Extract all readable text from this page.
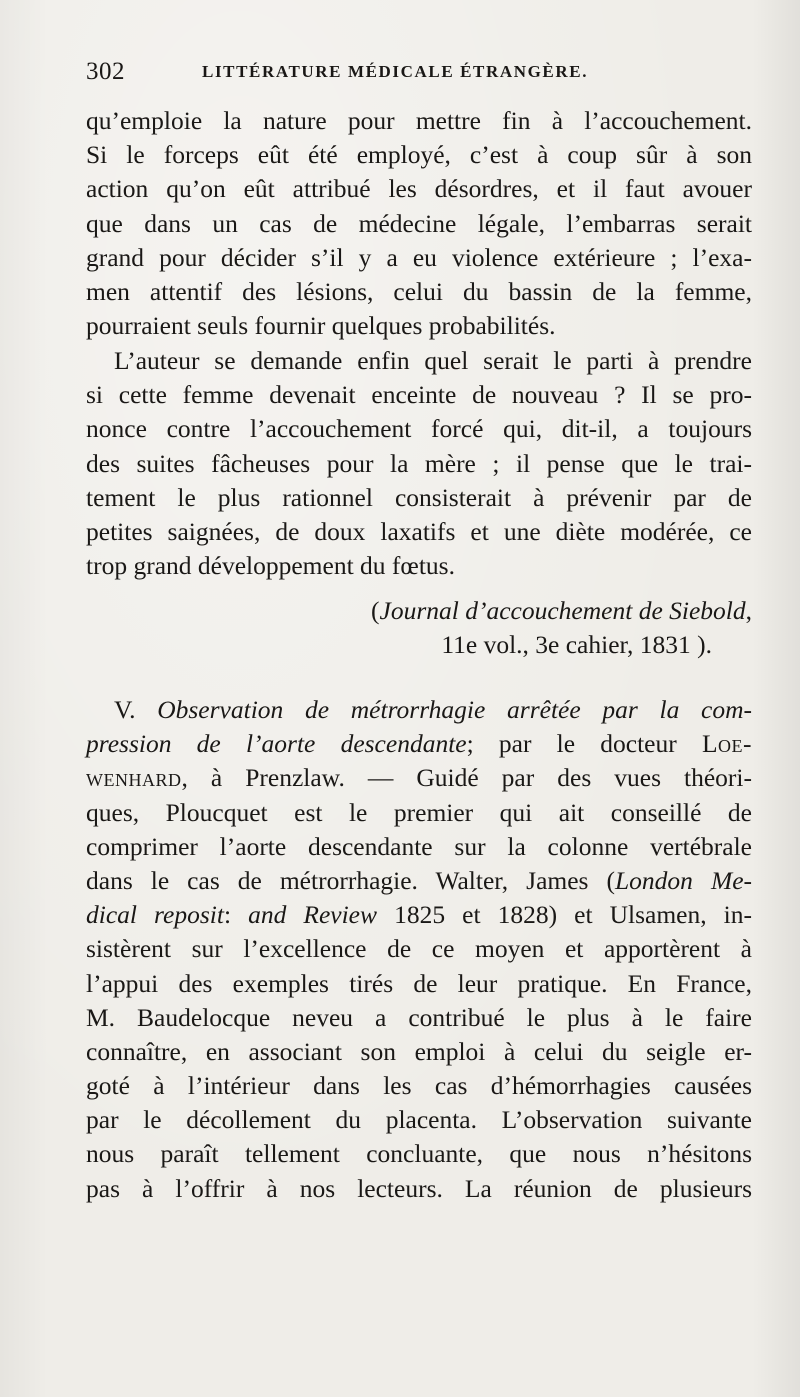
302	LITTÉRATURE MÉDICALE ÉTRANGÈRE.
qu’emploie la nature pour mettre fin à l’accouchement.
Si le forceps eût été employé, c’est à coup sûr à son
action qu’on eût attribué les désordres, et il faut avouer
que dans un cas de médecine légale, l’embarras serait
grand pour décider s’il y a eu violence extérieure ; l’exa-
men attentif des lésions, celui du bassin de la femme,
pourraient seuls fournir quelques probabilités.
L’auteur se demande enfin quel serait le parti à prendre
si cette femme devenait enceinte de nouveau ? Il se pro-
nonce contre l’accouchement forcé qui, dit-il, a toujours
des suites fâcheuses pour la mère ; il pense que le trai-
tement le plus rationnel consisterait à prévenir par de
petites saignées, de doux laxatifs et une diète modérée, ce
trop grand développement du fœtus.
(Journal d’accouchement de Siebold,
11e vol., 3e cahier, 1831 ).
V. Observation de métrorrhagie arrêtée par la com-
pression de l’aorte descendante; par le docteur Loe-
wenhard, à Prenzlaw. — Guidé par des vues théori-
ques, Ploucquet est le premier qui ait conseillé de
comprimer l’aorte descendante sur la colonne vertébrale
dans le cas de métrorrhagie. Walter, James (London Me-
dical reposit: and Review 1825 et 1828) et Ulsamen, in-
sistèrent sur l’excellence de ce moyen et apportèrent à
l’appui des exemples tirés de leur pratique. En France,
M. Baudelocque neveu a contribué le plus à le faire
connaître, en associant son emploi à celui du seigle er-
goté à l’intérieur dans les cas d’hémorrhagies causées
par le décollement du placenta. L’observation suivante
nous paraît tellement concluante, que nous n’hésitons
pas à l’offrir à nos lecteurs. La réunion de plusieurs
